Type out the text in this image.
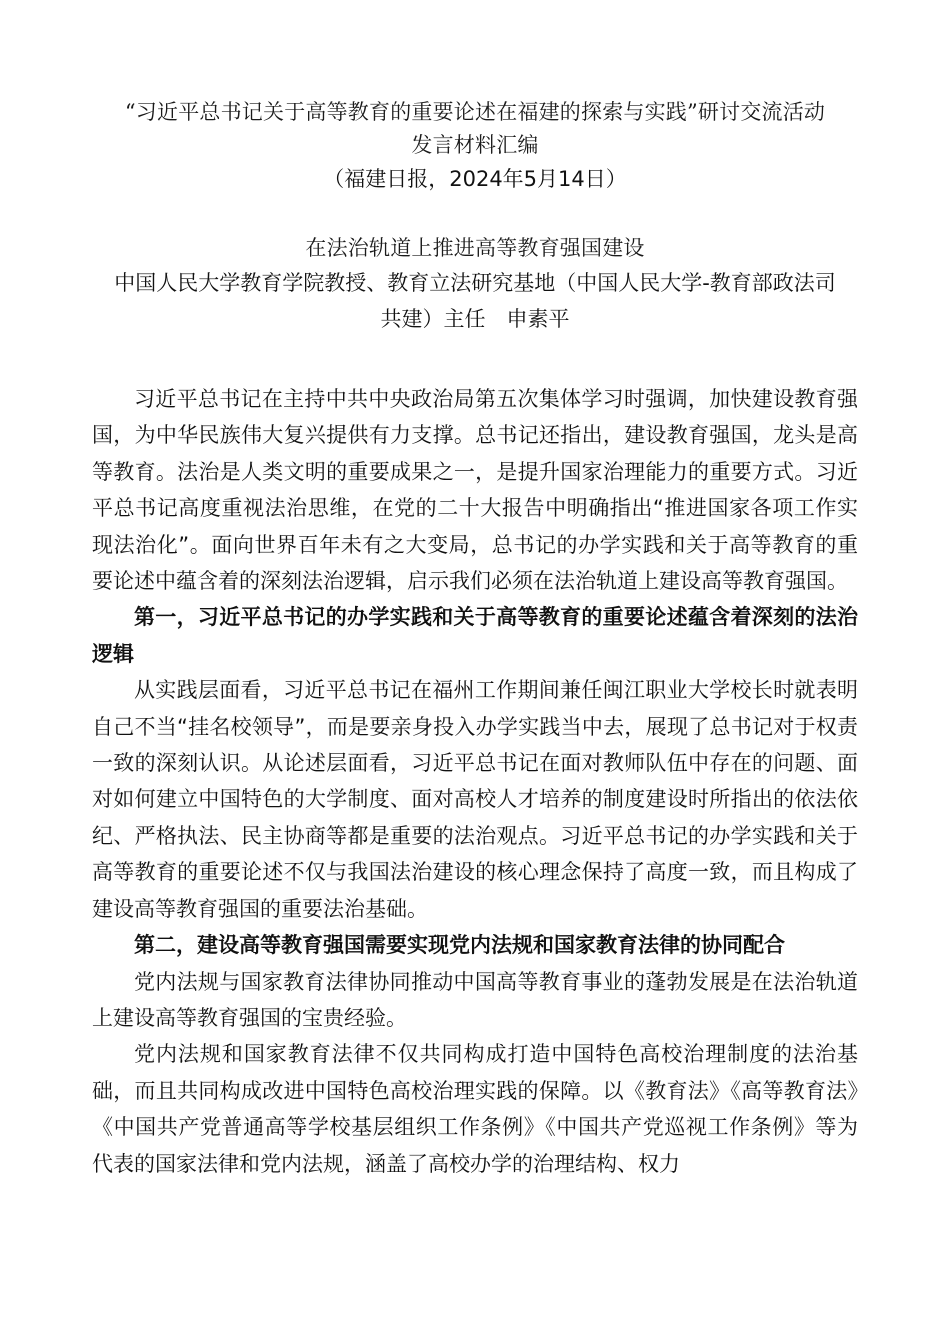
“习近平总书记关于高等教育的重要论述在福建的探索与实践”研讨交流活动
发言材料汇编
（福建日报，2024年5月14日）
在法治轨道上推进高等教育强国建设
中国人民大学教育学院教授、教育立法研究基地（中国人民大学-教育部政法司
共建）主任　申素平

习近平总书记在主持中共中央政治局第五次集体学习时强调，加快建设教育强国，为中华民族伟大复兴提供有力支撑。总书记还指出，建设教育强国，龙头是高等教育。法治是人类文明的重要成果之一，是提升国家治理能力的重要方式。习近平总书记高度重视法治思维，在党的二十大报告中明确指出“推进国家各项工作实现法治化”。面向世界百年未有之大变局，总书记的办学实践和关于高等教育的重要论述中蕴含着的深刻法治逻辑，启示我们必须在法治轨道上建设高等教育强国。

第一，习近平总书记的办学实践和关于高等教育的重要论述蕴含着深刻的法治逻辑

从实践层面看，习近平总书记在福州工作期间兼任闽江职业大学校长时就表明自己不当“挂名校领导”，而是要亲身投入办学实践当中去，展现了总书记对于权责一致的深刻认识。从论述层面看，习近平总书记在面对教师队伍中存在的问题、面对如何建立中国特色的大学制度、面对高校人才培养的制度建设时所指出的依法依纪、严格执法、民主协商等都是重要的法治观点。习近平总书记的办学实践和关于高等教育的重要论述不仅与我国法治建设的核心理念保持了高度一致，而且构成了建设高等教育强国的重要法治基础。

第二，建设高等教育强国需要实现党内法规和国家教育法律的协同配合

党内法规与国家教育法律协同推动中国高等教育事业的蓬勃发展是在法治轨道上建设高等教育强国的宝贵经验。

党内法规和国家教育法律不仅共同构成打造中国特色高校治理制度的法治基础，而且共同构成改进中国特色高校治理实践的保障。以《教育法》《高等教育法》《中国共产党普通高等学校基层组织工作条例》《中国共产党巡视工作条例》等为代表的国家法律和党内法规，涵盖了高校办学的治理结构、权力
